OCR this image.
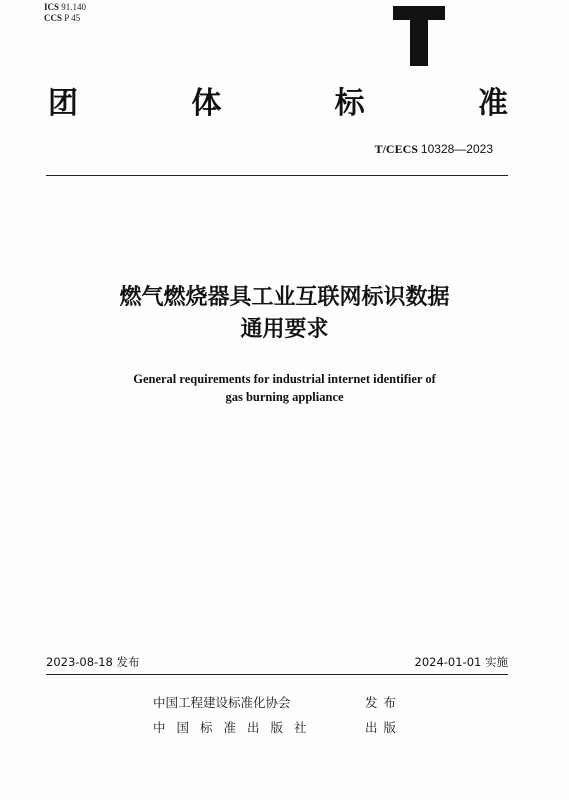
ICS 91.140
CCS P 45
团	体	标	准
T/CECS 10328—2023
燃气燃烧器具工业互联网标识数据
通用要求
General requirements for industrial internet identifier of
gas burning appliance
2023-08-18 发布	2024-01-01 实施
中国工程建设标准化协会	发布
中国标准出版社	出版
